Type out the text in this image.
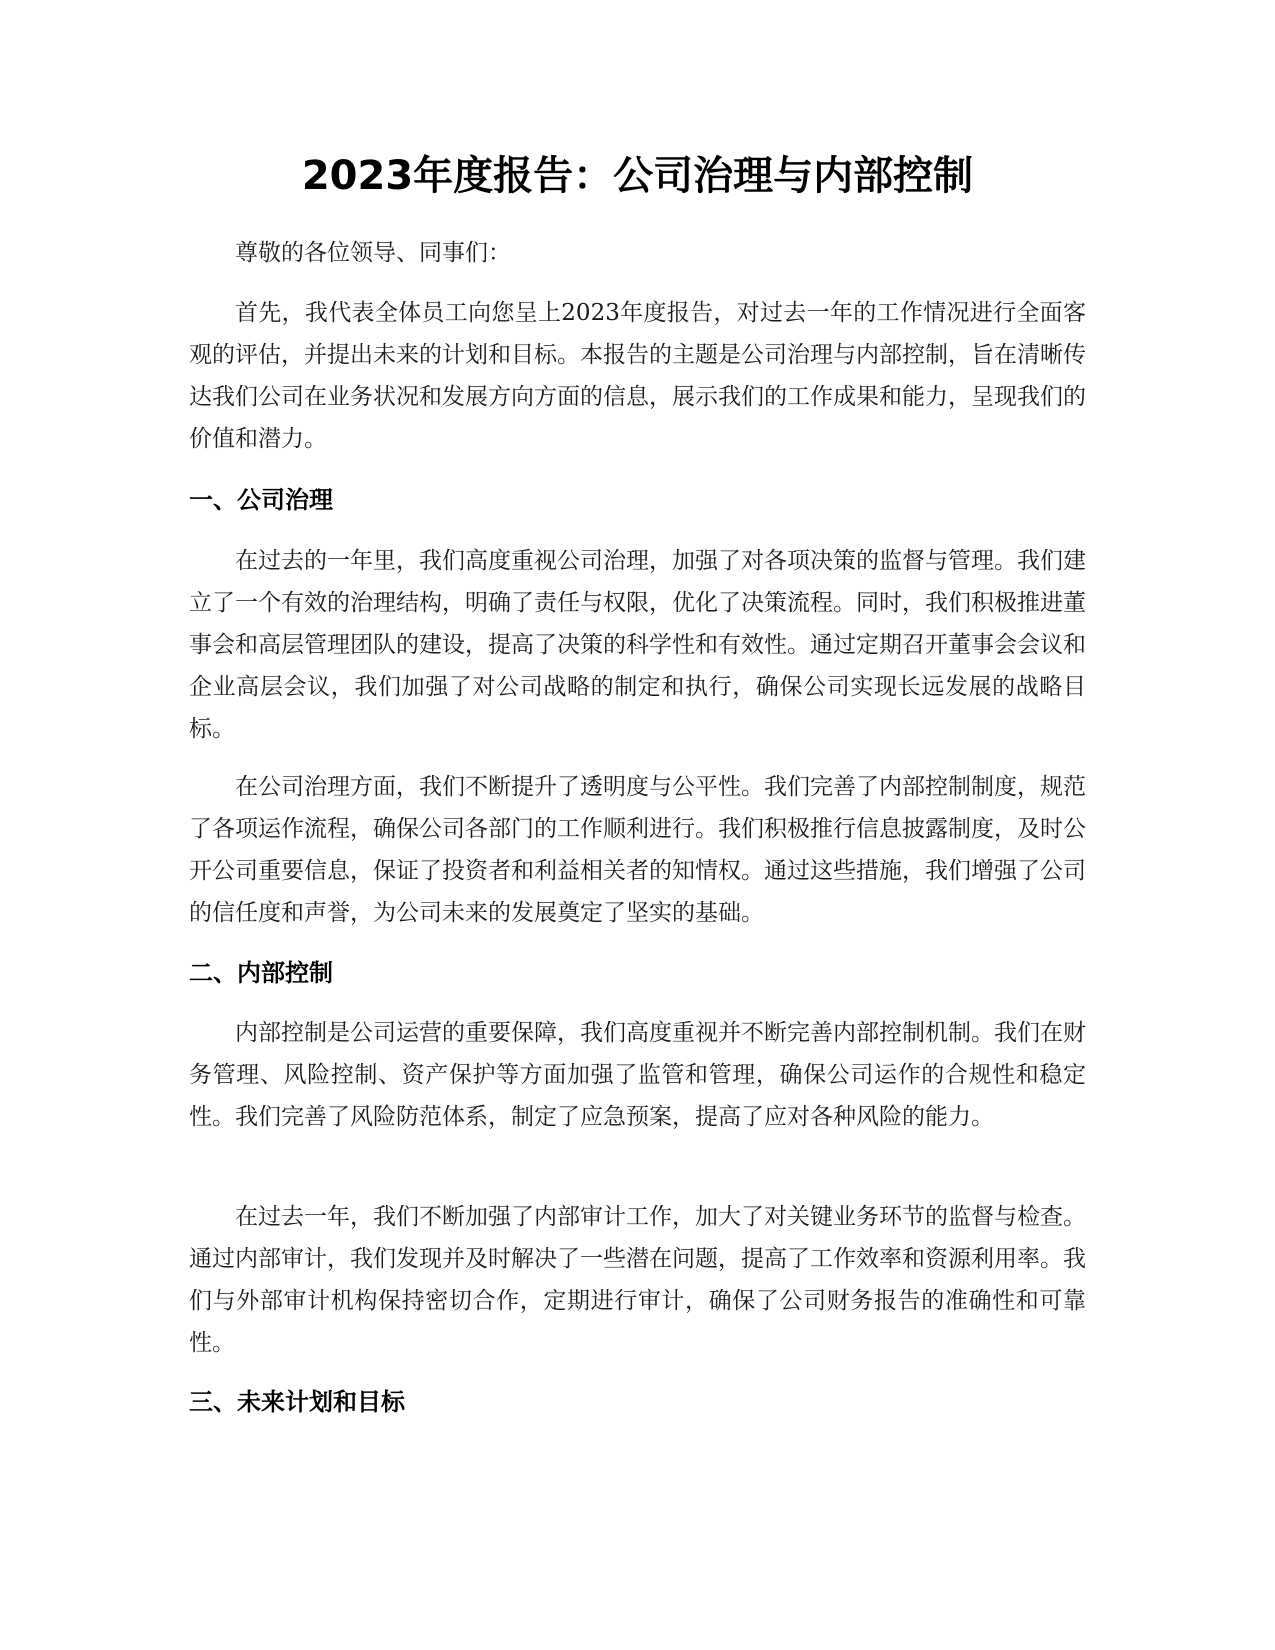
2023年度报告：公司治理与内部控制

尊敬的各位领导、同事们：

首先，我代表全体员工向您呈上2023年度报告，对过去一年的工作情况进行全面客观的评估，并提出未来的计划和目标。本报告的主题是公司治理与内部控制，旨在清晰传达我们公司在业务状况和发展方向方面的信息，展示我们的工作成果和能力，呈现我们的价值和潜力。

一、公司治理

在过去的一年里，我们高度重视公司治理，加强了对各项决策的监督与管理。我们建立了一个有效的治理结构，明确了责任与权限，优化了决策流程。同时，我们积极推进董事会和高层管理团队的建设，提高了决策的科学性和有效性。通过定期召开董事会会议和企业高层会议，我们加强了对公司战略的制定和执行，确保公司实现长远发展的战略目标。

在公司治理方面，我们不断提升了透明度与公平性。我们完善了内部控制制度，规范了各项运作流程，确保公司各部门的工作顺利进行。我们积极推行信息披露制度，及时公开公司重要信息，保证了投资者和利益相关者的知情权。通过这些措施，我们增强了公司的信任度和声誉，为公司未来的发展奠定了坚实的基础。

二、内部控制

内部控制是公司运营的重要保障，我们高度重视并不断完善内部控制机制。我们在财务管理、风险控制、资产保护等方面加强了监管和管理，确保公司运作的合规性和稳定性。我们完善了风险防范体系，制定了应急预案，提高了应对各种风险的能力。

在过去一年，我们不断加强了内部审计工作，加大了对关键业务环节的监督与检查。通过内部审计，我们发现并及时解决了一些潜在问题，提高了工作效率和资源利用率。我们与外部审计机构保持密切合作，定期进行审计，确保了公司财务报告的准确性和可靠性。

三、未来计划和目标
